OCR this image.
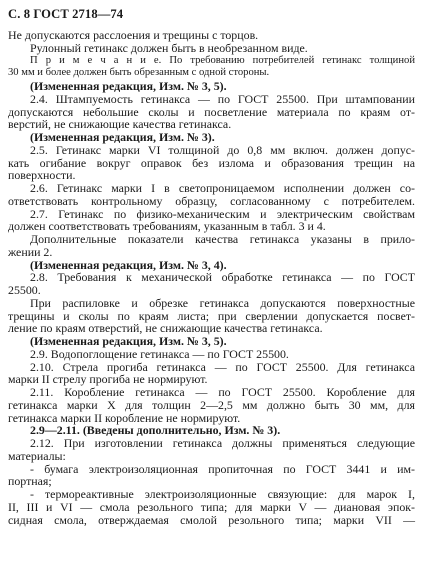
С. 8 ГОСТ 2718—74
Не допускаются расслоения и трещины с торцов.
Рулонный гетинакс должен быть в необрезанном виде.
П р и м е ч а н и е. По требованию потребителей гетинакс толщиной
30 мм и более должен быть обрезанным с одной стороны.
(Измененная редакция, Изм. № 3, 5).
2.4. Штампуемость гетинакса — по ГОСТ 25500. При штамповании
допускаются небольшие сколы и посветление материала по краям от-
верстий, не снижающие качества гетинакса.
(Измененная редакция, Изм. № 3).
2.5. Гетинакс марки VI толщиной до 0,8 мм включ. должен допус-
кать огибание вокруг оправок без излома и образования трещин на
поверхности.
2.6. Гетинакс марки I в светопроницаемом исполнении должен со-
ответствовать контрольному образцу, согласованному с потребителем.
2.7. Гетинакс по физико-механическим и электрическим свойствам
должен соответствовать требованиям, указанным в табл. 3 и 4.
Дополнительные показатели качества гетинакса указаны в прило-
жении 2.
(Измененная редакция, Изм. № 3, 4).
2.8. Требования к механической обработке гетинакса — по ГОСТ
25500.
При распиловке и обрезке гетинакса допускаются поверхностные
трещины и сколы по краям листа; при сверлении допускается посвет-
ление по краям отверстий, не снижающие качества гетинакса.
(Измененная редакция, Изм. № 3, 5).
2.9. Водопоглощение гетинакса — по ГОСТ 25500.
2.10. Стрела прогиба гетинакса — по ГОСТ 25500. Для гетинакса
марки II стрелу прогиба не нормируют.
2.11. Коробление гетинакса — по ГОСТ 25500. Коробление для
гетинакса марки X для толщин 2—2,5 мм должно быть 30 мм, для
гетинакса марки II коробление не нормируют.
2.9—2.11. (Введены дополнительно, Изм. № 3).
2.12. При изготовлении гетинакса должны применяться следующие
материалы:
- бумага электроизоляционная пропиточная по ГОСТ 3441 и им-
портная;
- термореактивные электроизоляционные связующие: для марок I,
II, III и VI — смола резольного типа; для марки V — диановая эпок-
сидная смола, отверждаемая смолой резольного типа; марки VII —
